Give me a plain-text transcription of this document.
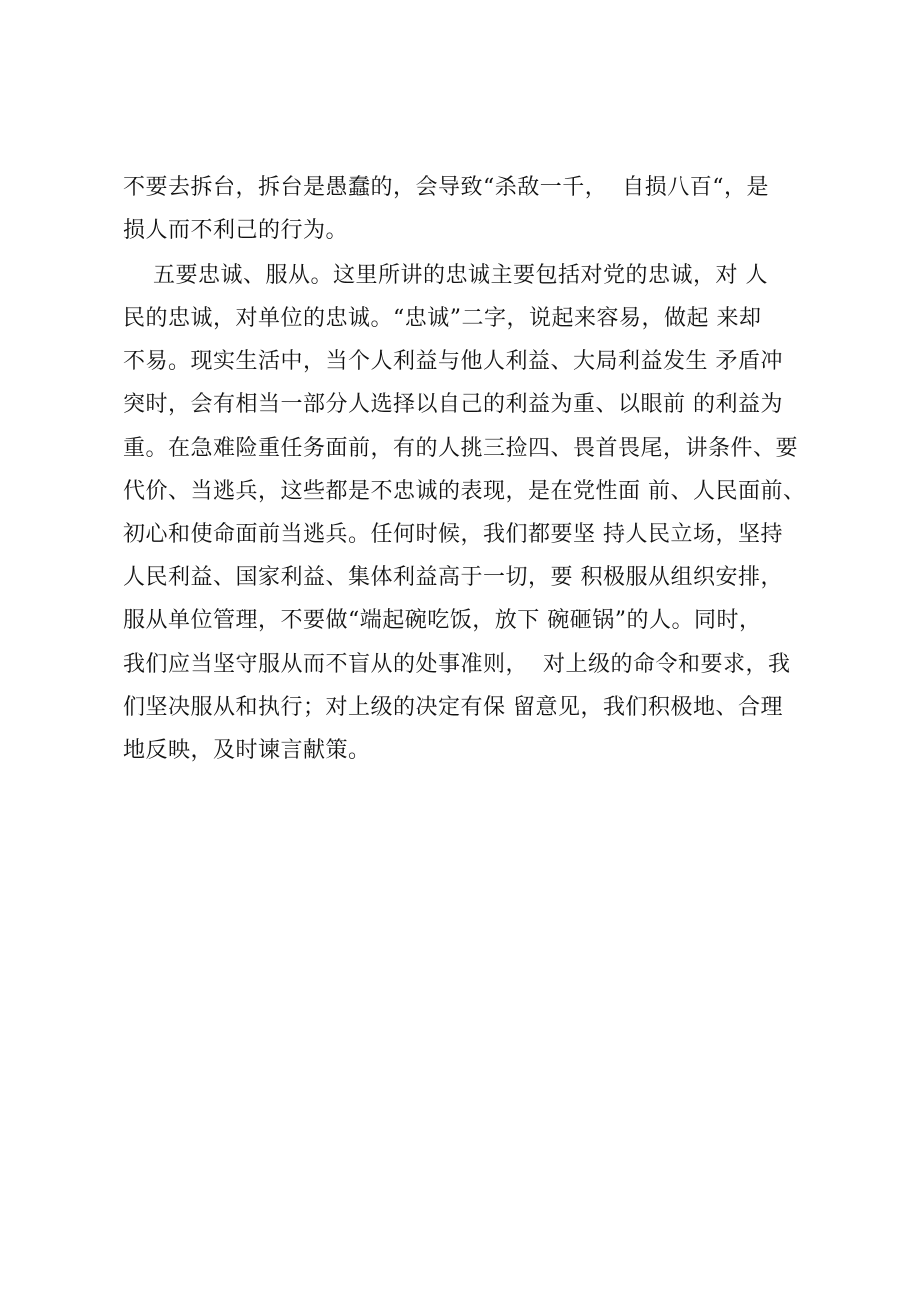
不要去拆台，拆台是愚蠢的，会导致“杀敌一千，  自损八百“，是
损人而不利己的行为。
五要忠诚、服从。这里所讲的忠诚主要包括对党的忠诚，对 人
民的忠诚，对单位的忠诚。“忠诚”二字，说起来容易，做起 来却
不易。现实生活中，当个人利益与他人利益、大局利益发生 矛盾冲
突时，会有相当一部分人选择以自己的利益为重、以眼前 的利益为
重。在急难险重任务面前，有的人挑三捡四、畏首畏尾，讲条件、要
代价、当逃兵，这些都是不忠诚的表现，是在党性面 前、人民面前、
初心和使命面前当逃兵。任何时候，我们都要坚 持人民立场，坚持
人民利益、国家利益、集体利益高于一切，要 积极服从组织安排，
服从单位管理，不要做“端起碗吃饭，放下 碗砸锅”的人。同时，
我们应当坚守服从而不盲从的处事准则，  对上级的命令和要求，我
们坚决服从和执行；对上级的决定有保 留意见，我们积极地、合理
地反映，及时谏言献策。
